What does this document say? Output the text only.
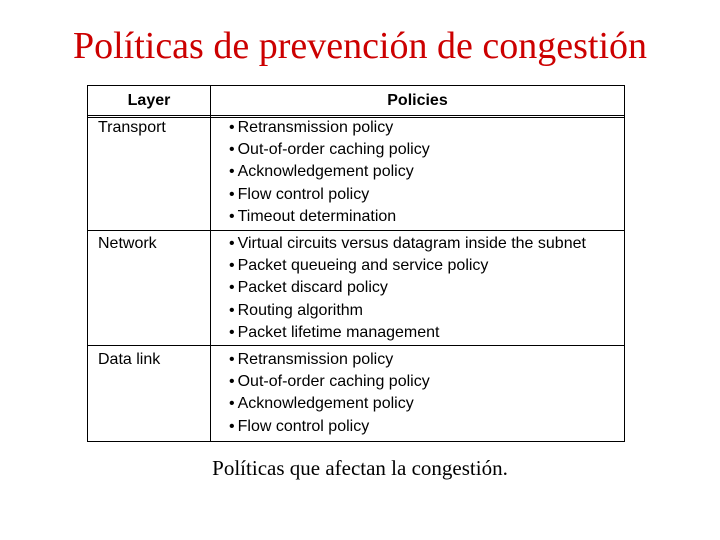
Políticas de prevención de congestión
Layer	Policies
Transport	• Retransmission policy
• Out-of-order caching policy
• Acknowledgement policy
• Flow control policy
• Timeout determination
Network	• Virtual circuits versus datagram inside the subnet
• Packet queueing and service policy
• Packet discard policy
• Routing algorithm
• Packet lifetime management
Data link	• Retransmission policy
• Out-of-order caching policy
• Acknowledgement policy
• Flow control policy
Políticas que afectan la congestión.
